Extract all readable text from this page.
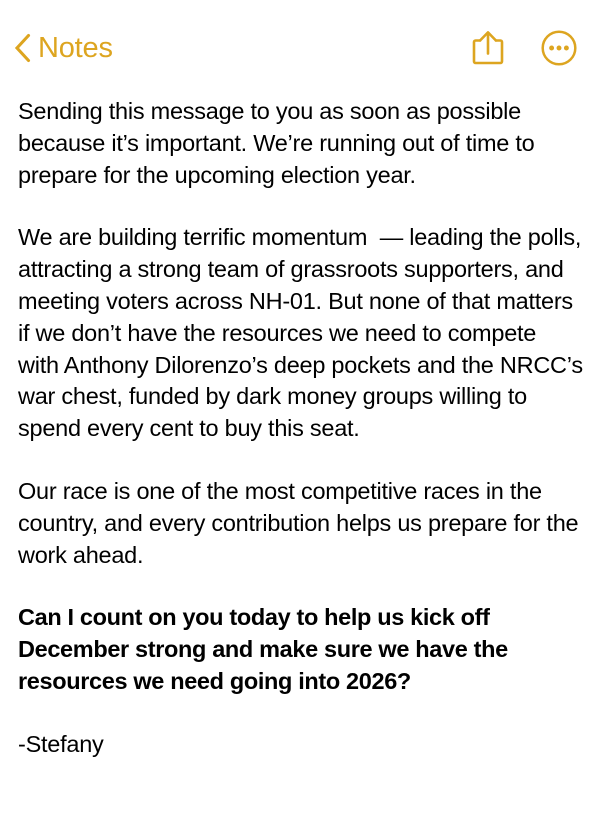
Notes

Sending this message to you as soon as possible because it’s important. We’re running out of time to prepare for the upcoming election year.

We are building terrific momentum  — leading the polls, attracting a strong team of grassroots supporters, and meeting voters across NH-01. But none of that matters if we don’t have the resources we need to compete with Anthony Dilorenzo’s deep pockets and the NRCC’s war chest, funded by dark money groups willing to spend every cent to buy this seat.

Our race is one of the most competitive races in the country, and every contribution helps us prepare for the work ahead.

Can I count on you today to help us kick off December strong and make sure we have the resources we need going into 2026?

-Stefany
